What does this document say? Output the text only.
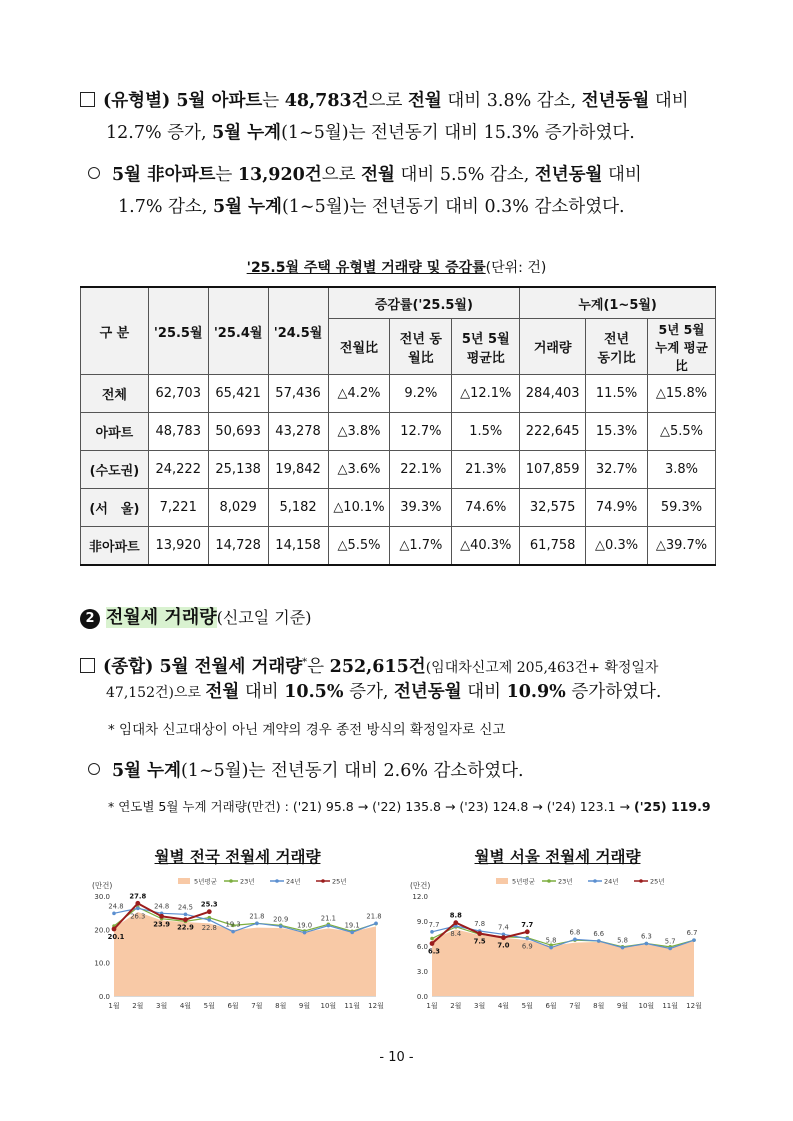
(유형별) 5월 아파트는 48,783건으로 전월 대비 3.8% 감소, 전년동월 대비
12.7% 증가, 5월 누계(1~5월)는 전년동기 대비 15.3% 증가하였다.
5월 非아파트는 13,920건으로 전월 대비 5.5% 감소, 전년동월 대비
1.7% 감소, 5월 누계(1~5월)는 전년동기 대비 0.3% 감소하였다.
'25.5월 주택 유형별 거래량 및 증감률(단위: 건)
구 분	'25.5월	'25.4월	'24.5월	증감률('25.5월)			누계(1~5월)		
				전월比	전년 동월比	5년 5월 평균比	거래량	전년 동기比	5년 5월누계 평균比
전체	62,703	65,421	57,436	△4.2%	9.2%	△12.1%	284,403	11.5%	△15.8%
아파트	48,783	50,693	43,278	△3.8%	12.7%	1.5%	222,645	15.3%	△5.5%
(수도권)	24,222	25,138	19,842	△3.6%	22.1%	21.3%	107,859	32.7%	3.8%
(서　울)	7,221	8,029	5,182	△10.1%	39.3%	74.6%	32,575	74.9%	59.3%
非아파트	13,920	14,728	14,158	△5.5%	△1.7%	△40.3%	61,758	△0.3%	△39.7%
2 전월세 거래량(신고일 기준)
(종합) 5월 전월세 거래량*은 252,615건(임대차신고제 205,463건+ 확정일자
47,152건)으로 전월 대비 10.5% 증가, 전년동월 대비 10.9% 증가하였다.
* 임대차 신고대상이 아닌 계약의 경우 종전 방식의 확정일자로 신고
5월 누계(1~5월)는 전년동기 대비 2.6% 감소하였다.
* 연도별 5월 누계 거래량(만건) : ('21) 95.8 → ('22) 135.8 → ('23) 124.8 → ('24) 123.1 → ('25) 119.9
월별 전국 전월세 거래량	월별 서울 전월세 거래량
(만건)
0.0
10.0
20.0
30.0
1월 2월 3월 4월 5월 6월 7월 8월 9월 10월 11월 12월
5년평균	23년	24년	25년
24.8
20.1
27.8
26.3
24.8
23.9
24.5
22.9
25.3
22.8 19.3
21.8 20.9
19.0
21.1
19.1
21.8
(만건)
0.0
3.0
6.0
9.0
12.0
1월 2월 3월 4월 5월 6월 7월 8월 9월 10월 11월 12월
5년평균	23년	24년	25년
7.7
6.3
8.8
8.4
7.8
7.5
7.4
7.0
7.7
6.9
5.8
6.8 6.6
5.8
6.3
5.7
6.7
- 10 -
